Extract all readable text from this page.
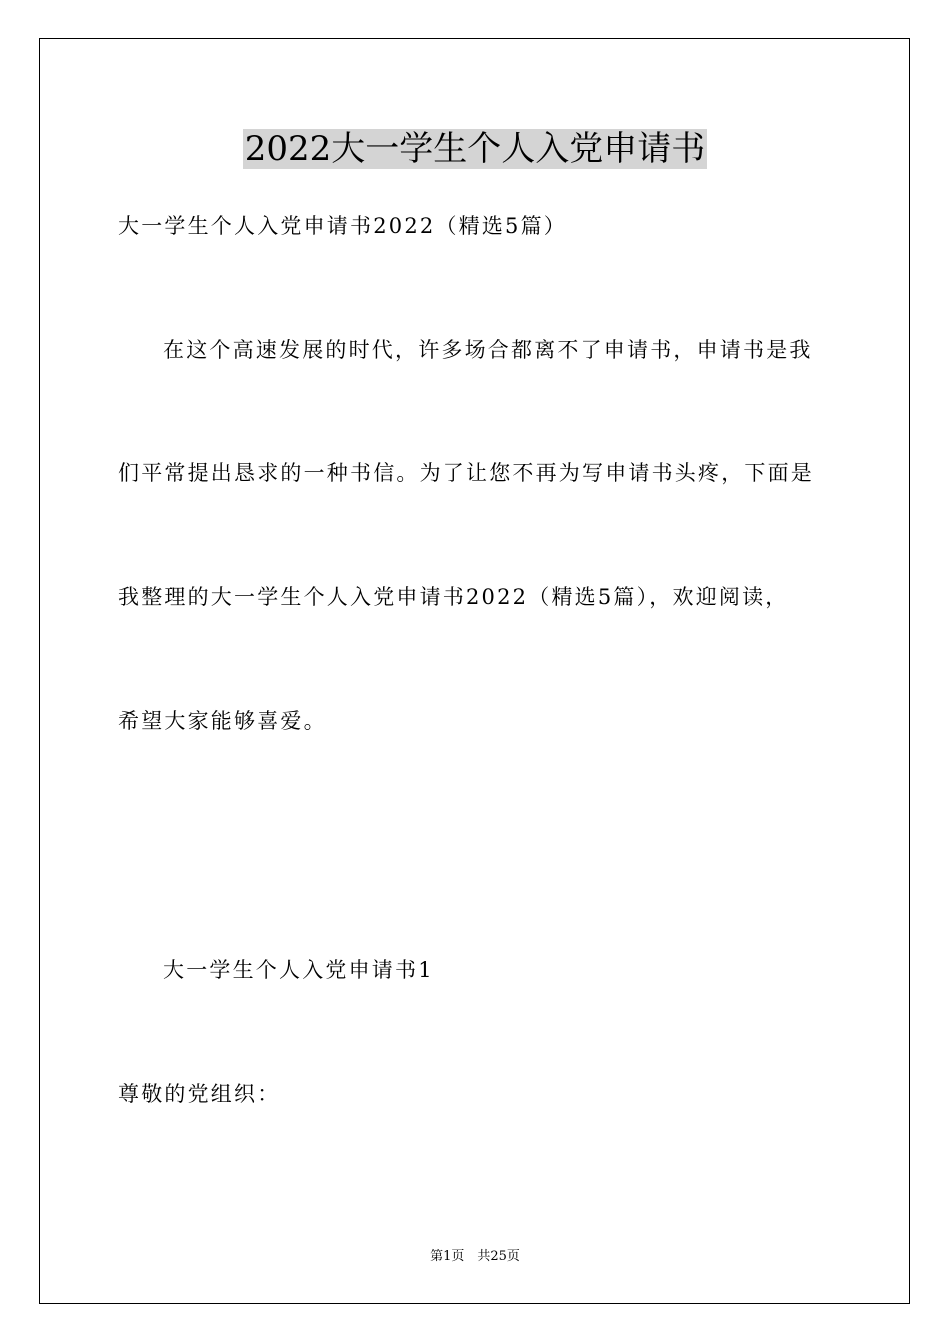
2022大一学生个人入党申请书
大一学生个人入党申请书2022（精选5篇）
在这个高速发展的时代，许多场合都离不了申请书，申请书是我
们平常提出恳求的一种书信。为了让您不再为写申请书头疼，下面是
我整理的大一学生个人入党申请书2022（精选5篇），欢迎阅读，
希望大家能够喜爱。
大一学生个人入党申请书1
尊敬的党组织：
第1页　共25页
